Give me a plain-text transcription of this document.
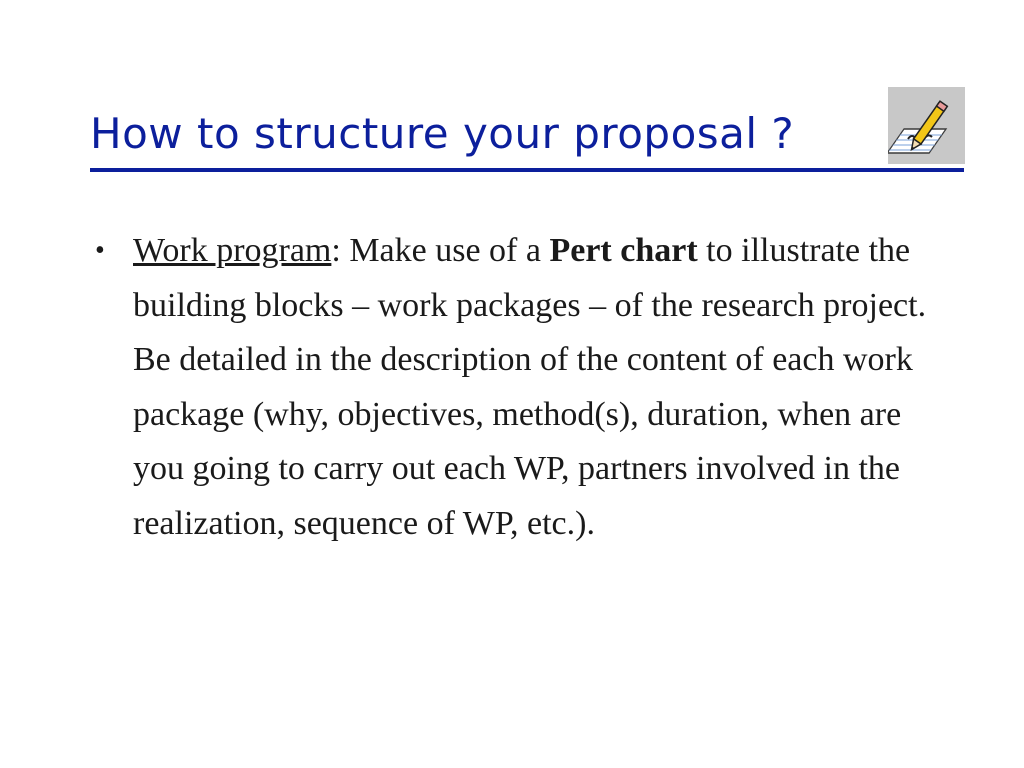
How to structure your proposal ?
• Work program: Make use of a Pert chart to illustrate the building blocks – work packages – of the research project. Be detailed in the description of the content of each work package (why, objectives, method(s), duration, when are you going to carry out each WP, partners involved in the realization, sequence of WP, etc.).
